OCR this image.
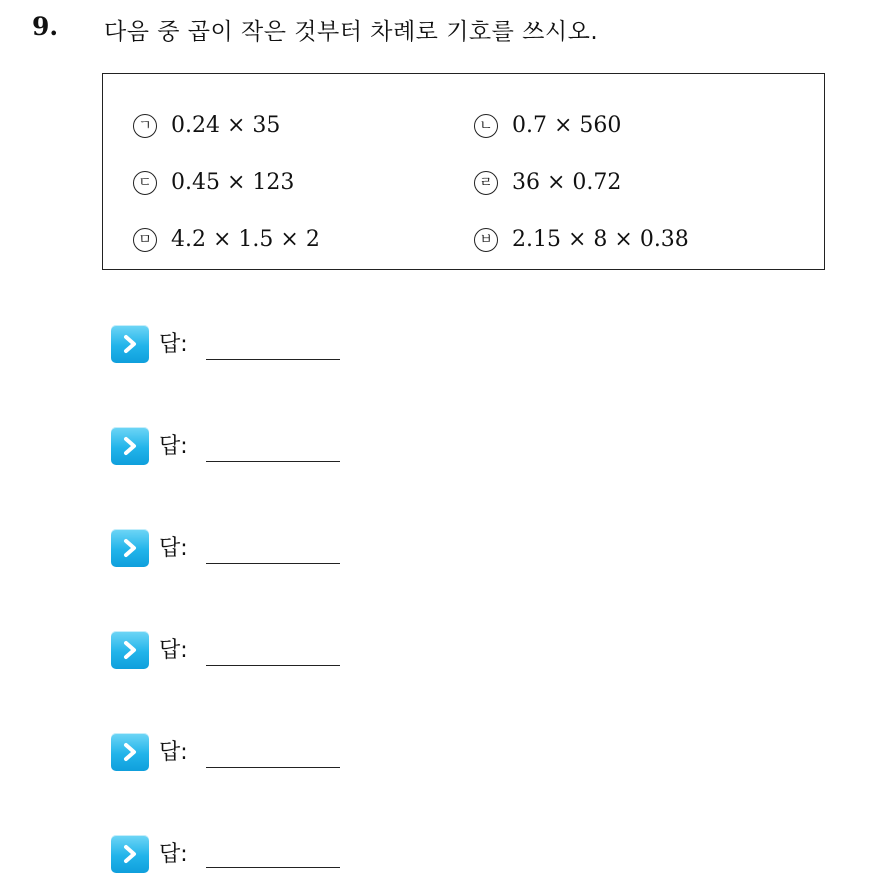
9. 다음 중 곱이 작은 것부터 차례로 기호를 쓰시오.
ㄱ 0.24 × 35	ㄴ 0.7 × 560
ㄷ 0.45 × 123	ㄹ 36 × 0.72
ㅁ 4.2 × 1.5 × 2	ㅂ 2.15 × 8 × 0.38
답:
답:
답:
답:
답:
답:
